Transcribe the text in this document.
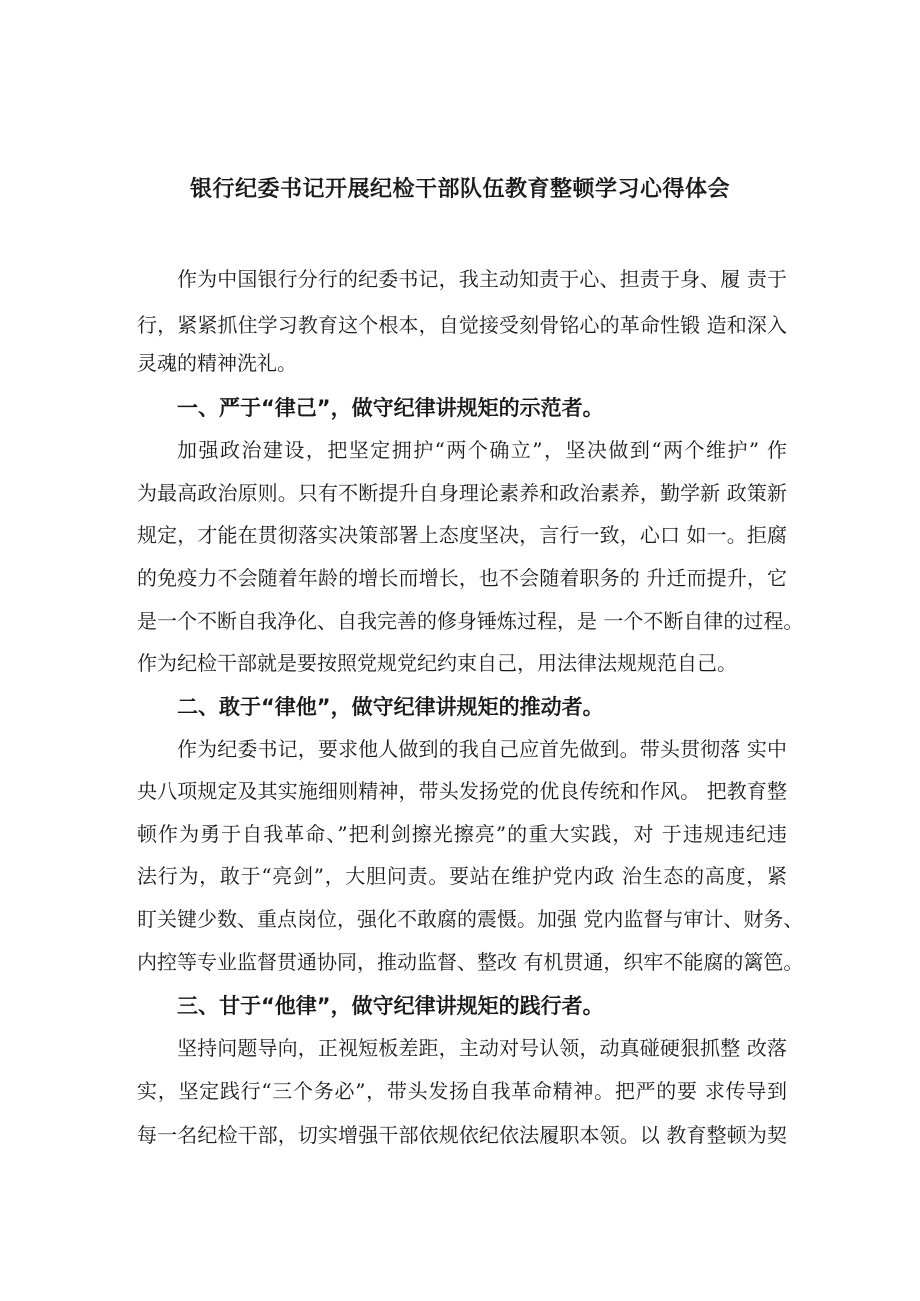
银行纪委书记开展纪检干部队伍教育整顿学习心得体会

作为中国银行分行的纪委书记，我主动知责于心、担责于身、履 责于

行，紧紧抓住学习教育这个根本，自觉接受刻骨铭心的革命性锻 造和深入

灵魂的精神洗礼。

一、严于“律己”，做守纪律讲规矩的示范者。

加强政治建设，把坚定拥护“两个确立”，坚决做到“两个维护” 作

为最高政治原则。只有不断提升自身理论素养和政治素养，勤学新 政策新

规定，才能在贯彻落实决策部署上态度坚决，言行一致，心口 如一。拒腐

的免疫力不会随着年龄的增长而增长，也不会随着职务的 升迁而提升，它

是一个不断自我净化、自我完善的修身锤炼过程，是 一个不断自律的过程。

作为纪检干部就是要按照党规党纪约束自己，用法律法规规范自己。

二、敢于“律他”，做守纪律讲规矩的推动者。

作为纪委书记，要求他人做到的我自己应首先做到。带头贯彻落 实中

央八项规定及其实施细则精神，带头发扬党的优良传统和作风。 把教育整

顿作为勇于自我革命、”把利剑擦光擦亮”的重大实践，对 于违规违纪违

法行为，敢于“亮剑”，大胆问责。要站在维护党内政 治生态的高度，紧

盯关键少数、重点岗位，强化不敢腐的震慑。加强 党内监督与审计、财务、

内控等专业监督贯通协同，推动监督、整改 有机贯通，织牢不能腐的篱笆。

三、甘于“他律”，做守纪律讲规矩的践行者。

坚持问题导向，正视短板差距，主动对号认领，动真碰硬狠抓整 改落

实，坚定践行“三个务必”，带头发扬自我革命精神。把严的要 求传导到

每一名纪检干部，切实增强干部依规依纪依法履职本领。以 教育整顿为契
